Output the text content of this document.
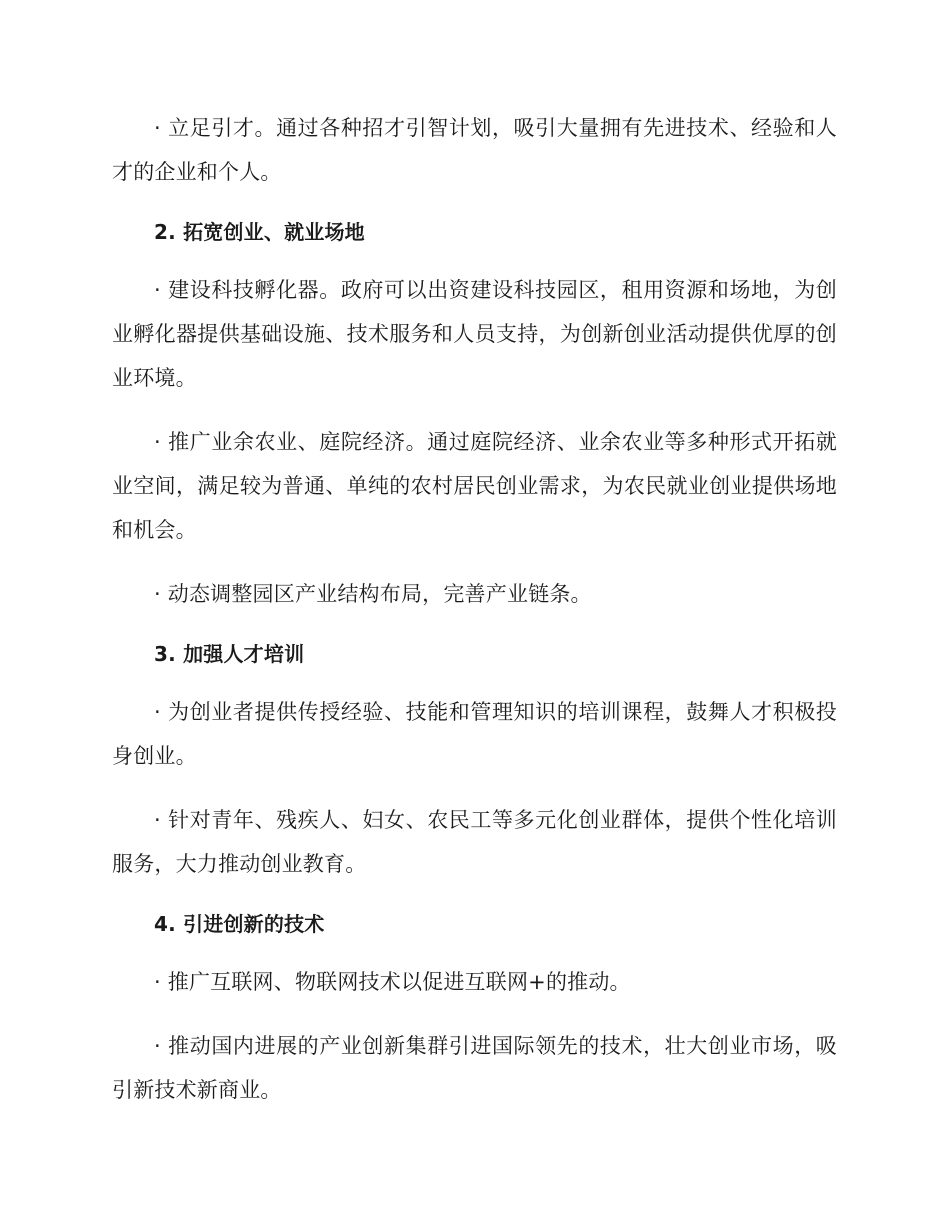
· 立足引才。通过各种招才引智计划，吸引大量拥有先进技术、经验和人才的企业和个人。

2. 拓宽创业、就业场地

· 建设科技孵化器。政府可以出资建设科技园区，租用资源和场地，为创业孵化器提供基础设施、技术服务和人员支持，为创新创业活动提供优厚的创业环境。

· 推广业余农业、庭院经济。通过庭院经济、业余农业等多种形式开拓就业空间，满足较为普通、单纯的农村居民创业需求，为农民就业创业提供场地和机会。

· 动态调整园区产业结构布局，完善产业链条。

3. 加强人才培训

· 为创业者提供传授经验、技能和管理知识的培训课程，鼓舞人才积极投身创业。

· 针对青年、残疾人、妇女、农民工等多元化创业群体，提供个性化培训服务，大力推动创业教育。

4. 引进创新的技术

· 推广互联网、物联网技术以促进互联网+的推动。

· 推动国内进展的产业创新集群引进国际领先的技术，壮大创业市场，吸引新技术新商业。
